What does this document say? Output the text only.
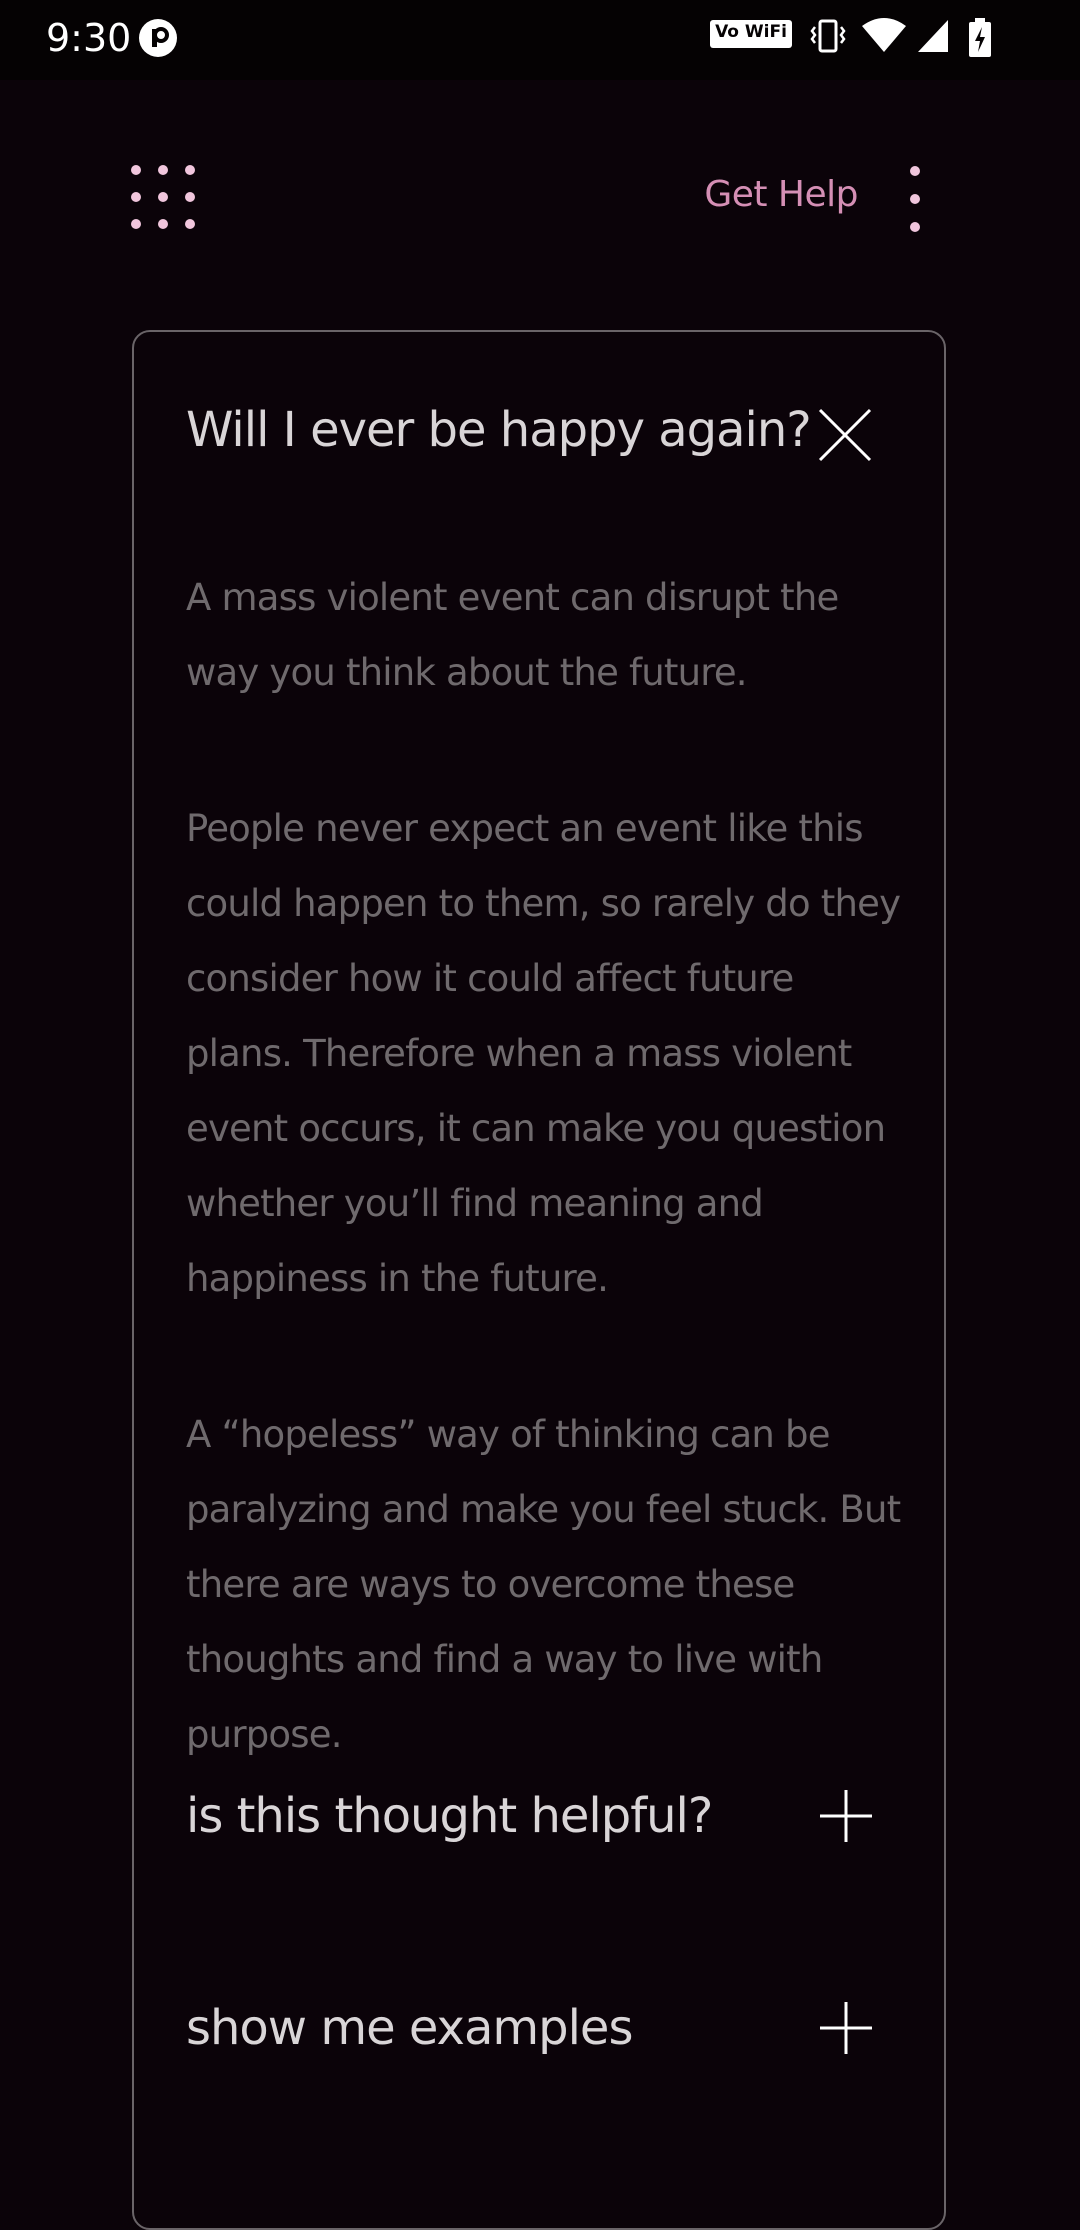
9:30	Vo WiFi
Get Help
Will I ever be happy again?

A mass violent event can disrupt the way you think about the future.

People never expect an event like this could happen to them, so rarely do they consider how it could affect future plans. Therefore when a mass violent event occurs, it can make you question whether you’ll find meaning and happiness in the future.

A “hopeless” way of thinking can be paralyzing and make you feel stuck. But there are ways to overcome these thoughts and find a way to live with purpose.

is this thought helpful?
show me examples
